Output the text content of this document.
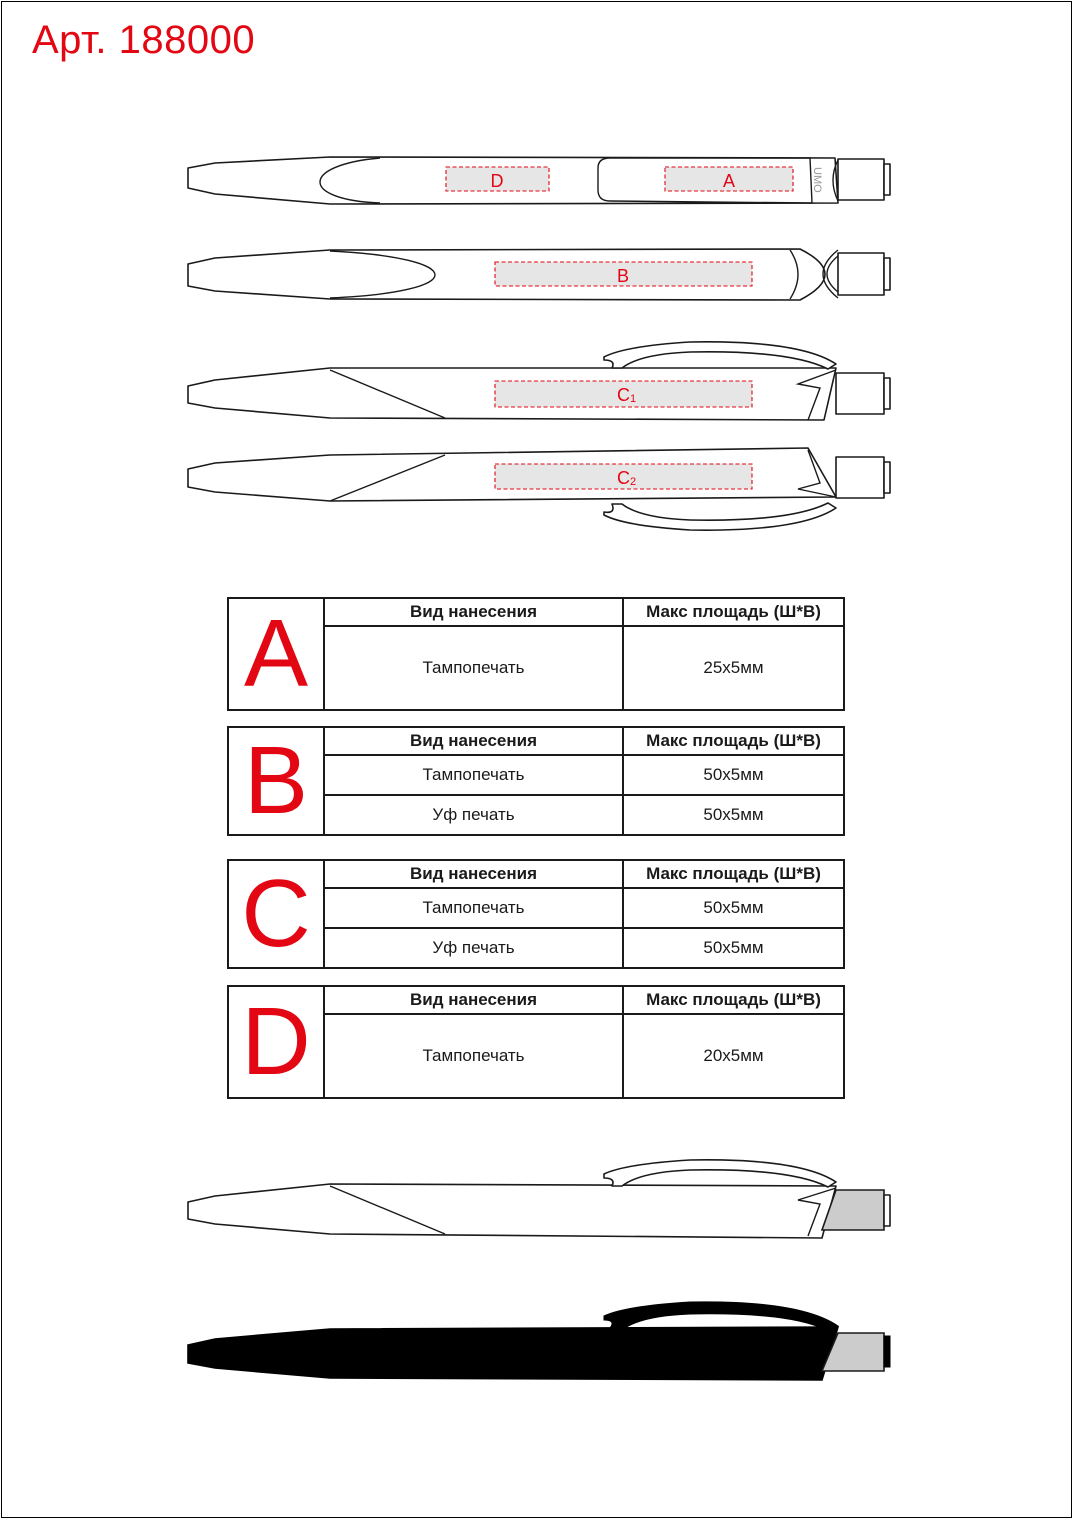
Арт. 188000
UMO
D	A
B
C 1
C 2
A	Вид нанесения	Макс площадь (Ш*В)
	Тампопечать	25x5мм
B	Вид нанесения	Макс площадь (Ш*В)
	Тампопечать	50x5мм
	Уф печать	50x5мм
C	Вид нанесения	Макс площадь (Ш*В)
	Тампопечать	50x5мм
	Уф печать	50x5мм
D	Вид нанесения	Макс площадь (Ш*В)
	Тампопечать	20x5мм
